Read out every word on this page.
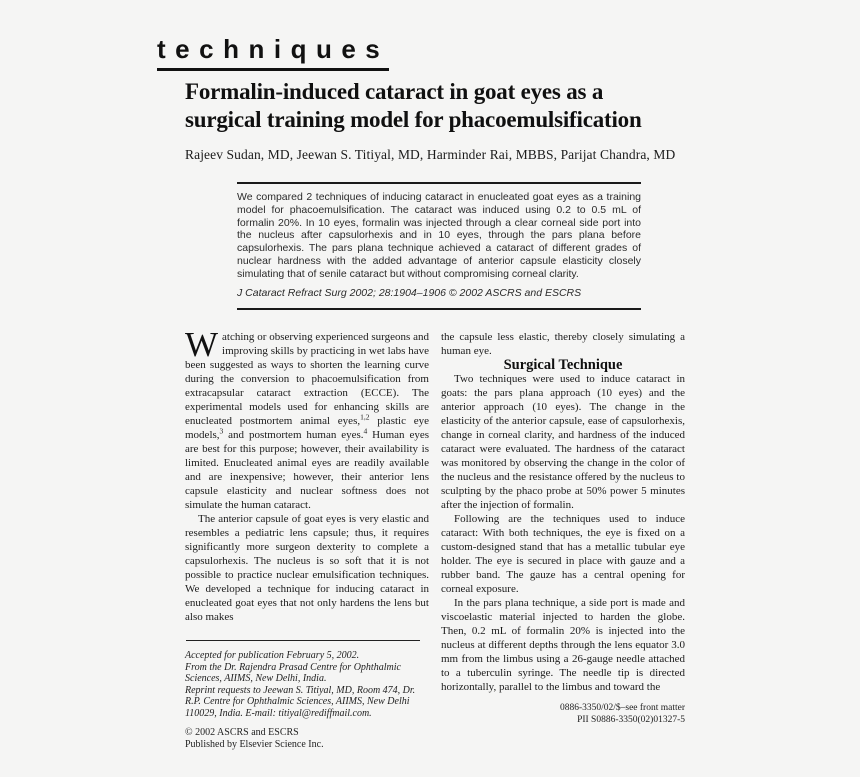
techniques
Formalin-induced cataract in goat eyes as a
surgical training model for phacoemulsification
Rajeev Sudan, MD, Jeewan S. Titiyal, MD, Harminder Rai, MBBS, Parijat Chandra, MD
We compared 2 techniques of inducing cataract in enucleated goat eyes as a training model for phacoemulsification. The cataract was induced using 0.2 to 0.5 mL of formalin 20%. In 10 eyes, formalin was injected through a clear corneal side port into the nucleus after capsulorhexis and in 10 eyes, through the pars plana before capsulorhexis. The pars plana technique achieved a cataract of different grades of nuclear hardness with the added advantage of anterior capsule elasticity closely simulating that of senile cataract but without compromising corneal clarity.
J Cataract Refract Surg 2002; 28:1904–1906 © 2002 ASCRS and ESCRS

Watching or observing experienced surgeons and improving skills by practicing in wet labs have been suggested as ways to shorten the learning curve during the conversion to phacoemulsification from extracapsular cataract extraction (ECCE). The experimental models used for enhancing skills are enucleated postmortem animal eyes,$^{1,2}$ plastic eye models,$^3$ and postmortem human eyes.$^4$ Human eyes are best for this purpose; however, their availability is limited. Enucleated animal eyes are readily available and are inexpensive; however, their anterior lens capsule elasticity and nuclear softness does not simulate the human cataract.

The anterior capsule of goat eyes is very elastic and resembles a pediatric lens capsule; thus, it requires significantly more surgeon dexterity to complete a capsulorhexis. The nucleus is so soft that it is not possible to practice nuclear emulsification techniques. We developed a technique for inducing cataract in enucleated goat eyes that not only hardens the lens but also makes

Accepted for publication February 5, 2002.

From the Dr. Rajendra Prasad Centre for Ophthalmic Sciences, AIIMS, New Delhi, India.

Reprint requests to Jeewan S. Titiyal, MD, Room 474, Dr. R.P. Centre for Ophthalmic Sciences, AIIMS, New Delhi 110029, India. E-mail: titiyal@rediffmail.com.

© 2002 ASCRS and ESCRS
Published by Elsevier Science Inc.

the capsule less elastic, thereby closely simulating a human eye.

Surgical Technique

Two techniques were used to induce cataract in goats: the pars plana approach (10 eyes) and the anterior approach (10 eyes). The change in the elasticity of the anterior capsule, ease of capsulorhexis, change in corneal clarity, and hardness of the induced cataract were evaluated. The hardness of the cataract was monitored by observing the change in the color of the nucleus and the resistance offered by the nucleus to sculpting by the phaco probe at 50% power 5 minutes after the injection of formalin.

Following are the techniques used to induce cataract: With both techniques, the eye is fixed on a custom-designed stand that has a metallic tubular eye holder. The eye is secured in place with gauze and a rubber band. The gauze has a central opening for corneal exposure.

In the pars plana technique, a side port is made and viscoelastic material injected to harden the globe. Then, 0.2 mL of formalin 20% is injected into the nucleus at different depths through the lens equator 3.0 mm from the limbus using a 26-gauge needle attached to a tuberculin syringe. The needle tip is directed horizontally, parallel to the limbus and toward the

0886-3350/02/$–see front matter
PII S0886-3350(02)01327-5
